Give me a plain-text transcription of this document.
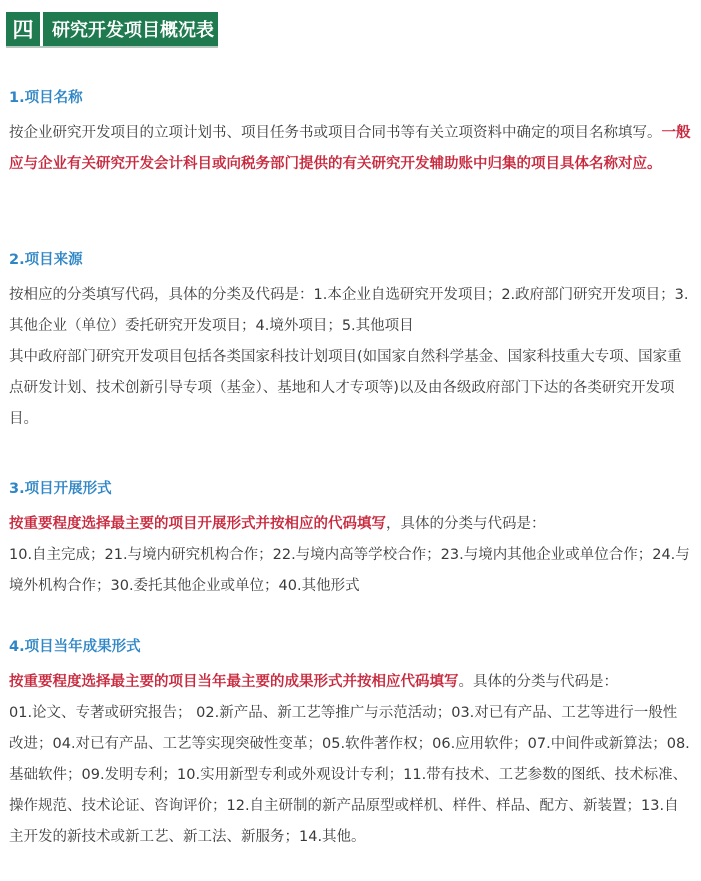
四	研究开发项目概况表
1.项目名称

按企业研究开发项目的立项计划书、项目任务书或项目合同书等有关立项资料中确定的项目名称填写。一般应与企业有关研究开发会计科目或向税务部门提供的有关研究开发辅助账中归集的项目具体名称对应。

2.项目来源

按相应的分类填写代码，具体的分类及代码是：1.本企业自选研究开发项目；2.政府部门研究开发项目；3.其他企业（单位）委托研究开发项目；4.境外项目；5.其他项目

其中政府部门研究开发项目包括各类国家科技计划项目(如国家自然科学基金、国家科技重大专项、国家重点研发计划、技术创新引导专项（基金）、基地和人才专项等)以及由各级政府部门下达的各类研究开发项目。

3.项目开展形式

按重要程度选择最主要的项目开展形式并按相应的代码填写，具体的分类与代码是：

10.自主完成；21.与境内研究机构合作；22.与境内高等学校合作；23.与境内其他企业或单位合作；24.与境外机构合作；30.委托其他企业或单位；40.其他形式

4.项目当年成果形式

按重要程度选择最主要的项目当年最主要的成果形式并按相应代码填写。具体的分类与代码是：

01.论文、专著或研究报告； 02.新产品、新工艺等推广与示范活动；03.对已有产品、工艺等进行一般性改进；04.对已有产品、工艺等实现突破性变革；05.软件著作权；06.应用软件；07.中间件或新算法；08.基础软件；09.发明专利；10.实用新型专利或外观设计专利；11.带有技术、工艺参数的图纸、技术标准、操作规范、技术论证、咨询评价；12.自主研制的新产品原型或样机、样件、样品、配方、新装置；13.自主开发的新技术或新工艺、新工法、新服务；14.其他。
